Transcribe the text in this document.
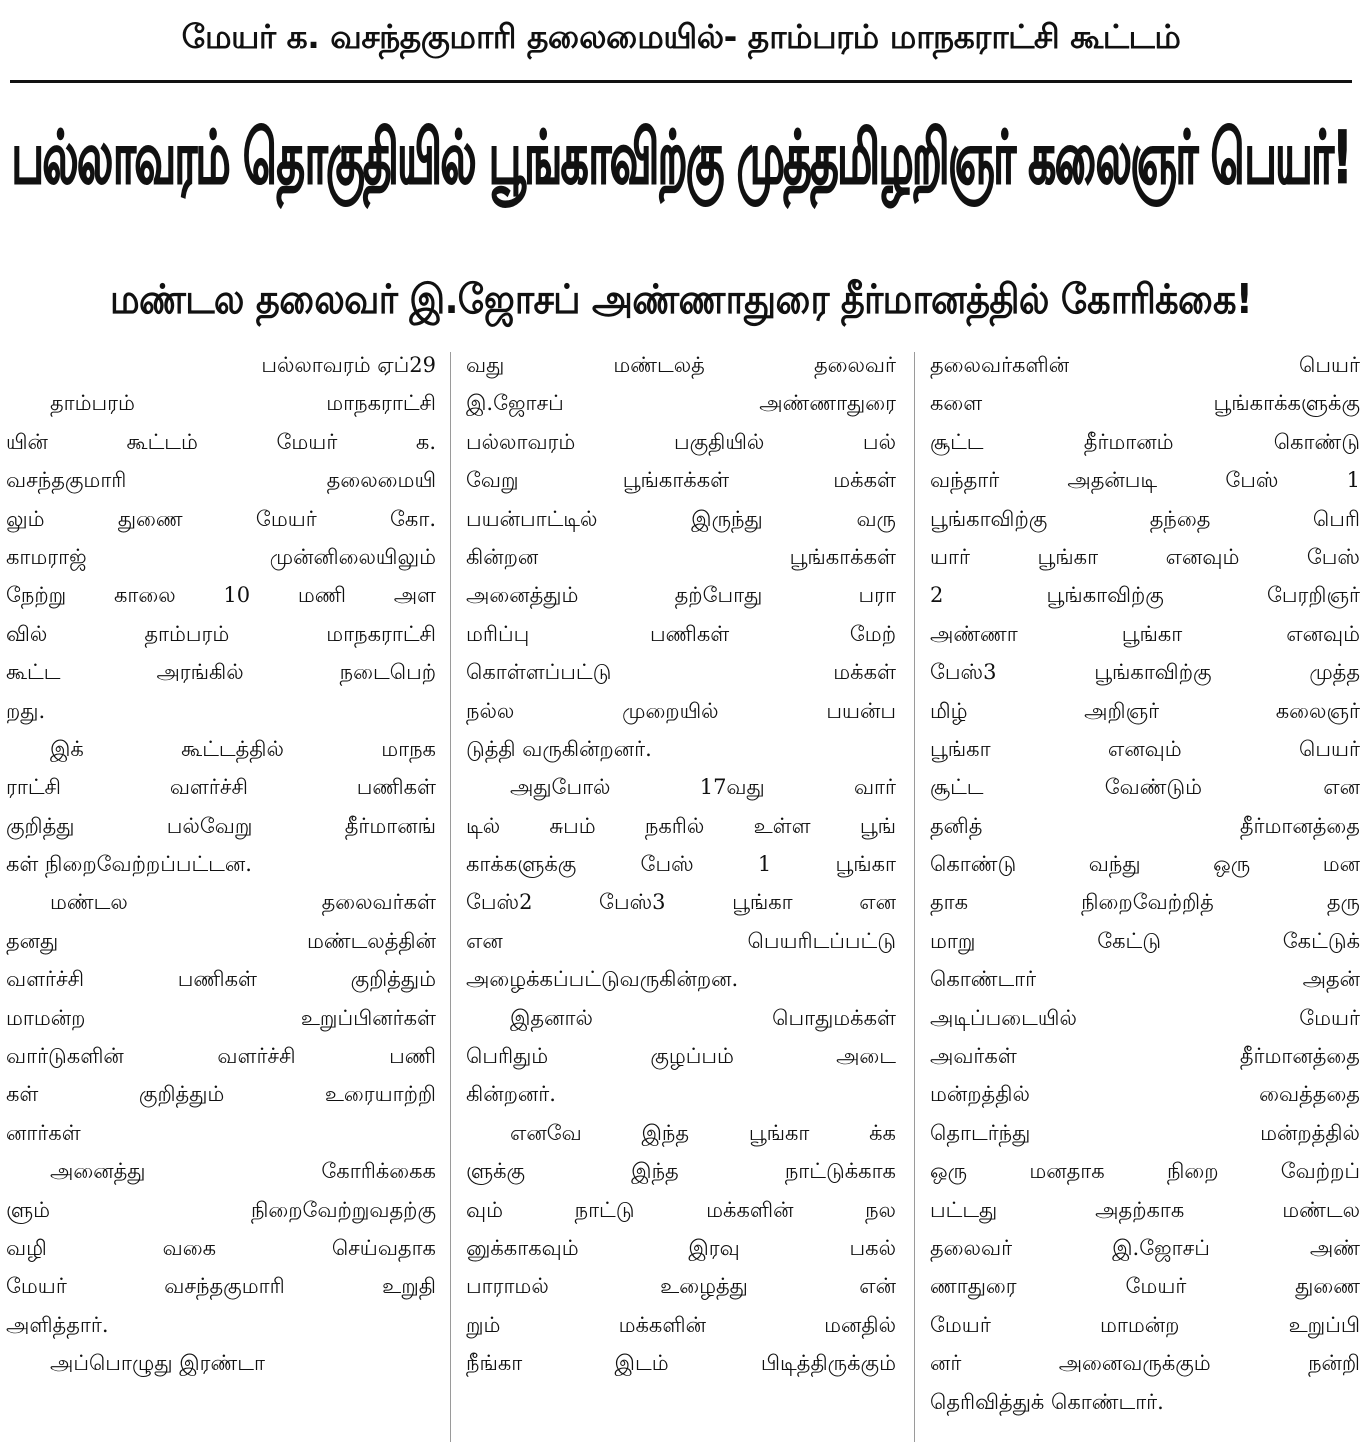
மேயர் க. வசந்தகுமாரி தலைமையில்- தாம்பரம் மாநகராட்சி கூட்டம்
பல்லாவரம் தொகுதியில் பூங்காவிற்கு முத்தமிழறிஞர் கலைஞர் பெயர்!
மண்டல தலைவர் இ.ஜோசப் அண்ணாதுரை தீர்மானத்தில் கோரிக்கை!
பல்லாவரம் ஏப்29
தாம்பரம் மாநகராட்சி
யின் கூட்டம் மேயர் க.
வசந்தகுமாரி தலைமையி
லும் துணை மேயர் கோ.
காமராஜ் முன்னிலையிலும்
நேற்று காலை 10 மணி அள
வில் தாம்பரம் மாநகராட்சி
கூட்ட அரங்கில் நடைபெற்
றது.
இக் கூட்டத்தில் மாநக
ராட்சி வளர்ச்சி பணிகள்
குறித்து பல்வேறு தீர்மானங்
கள் நிறைவேற்றப்பட்டன.
மண்டல தலைவர்கள்
தனது மண்டலத்தின்
வளர்ச்சி பணிகள் குறித்தும்
மாமன்ற உறுப்பினர்கள்
வார்டுகளின் வளர்ச்சி பணி
கள் குறித்தும் உரையாற்றி
னார்கள்
அனைத்து கோரிக்கைக
ளும் நிறைவேற்றுவதற்கு
வழி வகை செய்வதாக
மேயர் வசந்தகுமாரி உறுதி
அளித்தார்.
அப்பொழுது இரண்டா
வது மண்டலத் தலைவர்
இ.ஜோசப் அண்ணாதுரை
பல்லாவரம் பகுதியில் பல்
வேறு பூங்காக்கள் மக்கள்
பயன்பாட்டில் இருந்து வரு
கின்றன பூங்காக்கள்
அனைத்தும் தற்போது பரா
மரிப்பு பணிகள் மேற்
கொள்ளப்பட்டு மக்கள்
நல்ல முறையில் பயன்ப
டுத்தி வருகின்றனர்.
அதுபோல் 17வது வார்
டில் சுபம் நகரில் உள்ள பூங்
காக்களுக்கு பேஸ் 1 பூங்கா
பேஸ்2 பேஸ்3 பூங்கா என
என பெயரிடப்பட்டு
அழைக்கப்பட்டுவருகின்றன.
இதனால் பொதுமக்கள்
பெரிதும் குழப்பம் அடை
கின்றனர்.
எனவே இந்த பூங்கா க்க
ளுக்கு இந்த நாட்டுக்காக
வும் நாட்டு மக்களின் நல
னுக்காகவும் இரவு பகல்
பாராமல் உழைத்து என்
றும் மக்களின் மனதில்
நீங்கா இடம் பிடித்திருக்கும்
தலைவர்களின் பெயர்
களை பூங்காக்களுக்கு
சூட்ட தீர்மானம் கொண்டு
வந்தார் அதன்படி பேஸ் 1
பூங்காவிற்கு தந்தை பெரி
யார் பூங்கா எனவும் பேஸ்
2 பூங்காவிற்கு பேரறிஞர்
அண்ணா பூங்கா எனவும்
பேஸ்3 பூங்காவிற்கு முத்த
மிழ் அறிஞர் கலைஞர்
பூங்கா எனவும் பெயர்
சூட்ட வேண்டும் என
தனித் தீர்மானத்தை
கொண்டு வந்து ஒரு மன
தாக நிறைவேற்றித் தரு
மாறு கேட்டு கேட்டுக்
கொண்டார் அதன்
அடிப்படையில் மேயர்
அவர்கள் தீர்மானத்தை
மன்றத்தில் வைத்ததை
தொடர்ந்து மன்றத்தில்
ஒரு மனதாக நிறை வேற்றப்
பட்டது அதற்காக மண்டல
தலைவர் இ.ஜோசப் அண்
ணாதுரை மேயர் துணை
மேயர் மாமன்ற உறுப்பி
னர் அனைவருக்கும் நன்றி
தெரிவித்துக் கொண்டார்.
